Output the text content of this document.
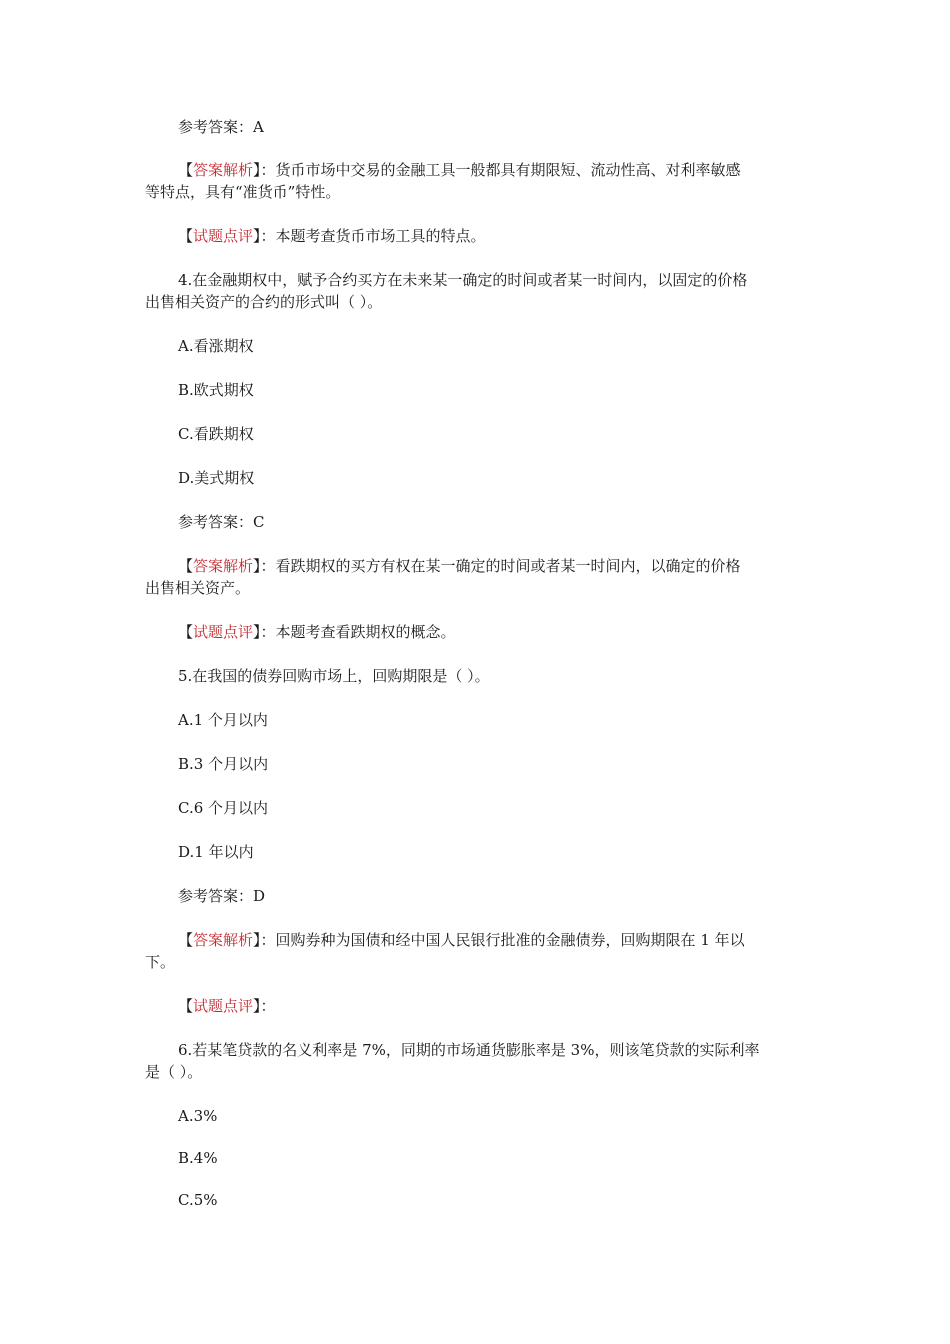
参考答案：A
【答案解析】：货币市场中交易的金融工具一般都具有期限短、流动性高、对利率敏感
等特点，具有“准货币”特性。
【试题点评】：本题考查货币市场工具的特点。
4.在金融期权中，赋予合约买方在未来某一确定的时间或者某一时间内，以固定的价格
出售相关资产的合约的形式叫（ ）。
A.看涨期权
B.欧式期权
C.看跌期权
D.美式期权
参考答案：C
【答案解析】：看跌期权的买方有权在某一确定的时间或者某一时间内，以确定的价格
出售相关资产。
【试题点评】：本题考查看跌期权的概念。
5.在我国的债券回购市场上，回购期限是（ ）。
A.1 个月以内
B.3 个月以内
C.6 个月以内
D.1 年以内
参考答案：D
【答案解析】：回购券种为国债和经中国人民银行批准的金融债券，回购期限在 1 年以
下。
【试题点评】：
6.若某笔贷款的名义利率是 7%，同期的市场通货膨胀率是 3%，则该笔贷款的实际利率
是（ ）。
A.3%
B.4%
C.5%
